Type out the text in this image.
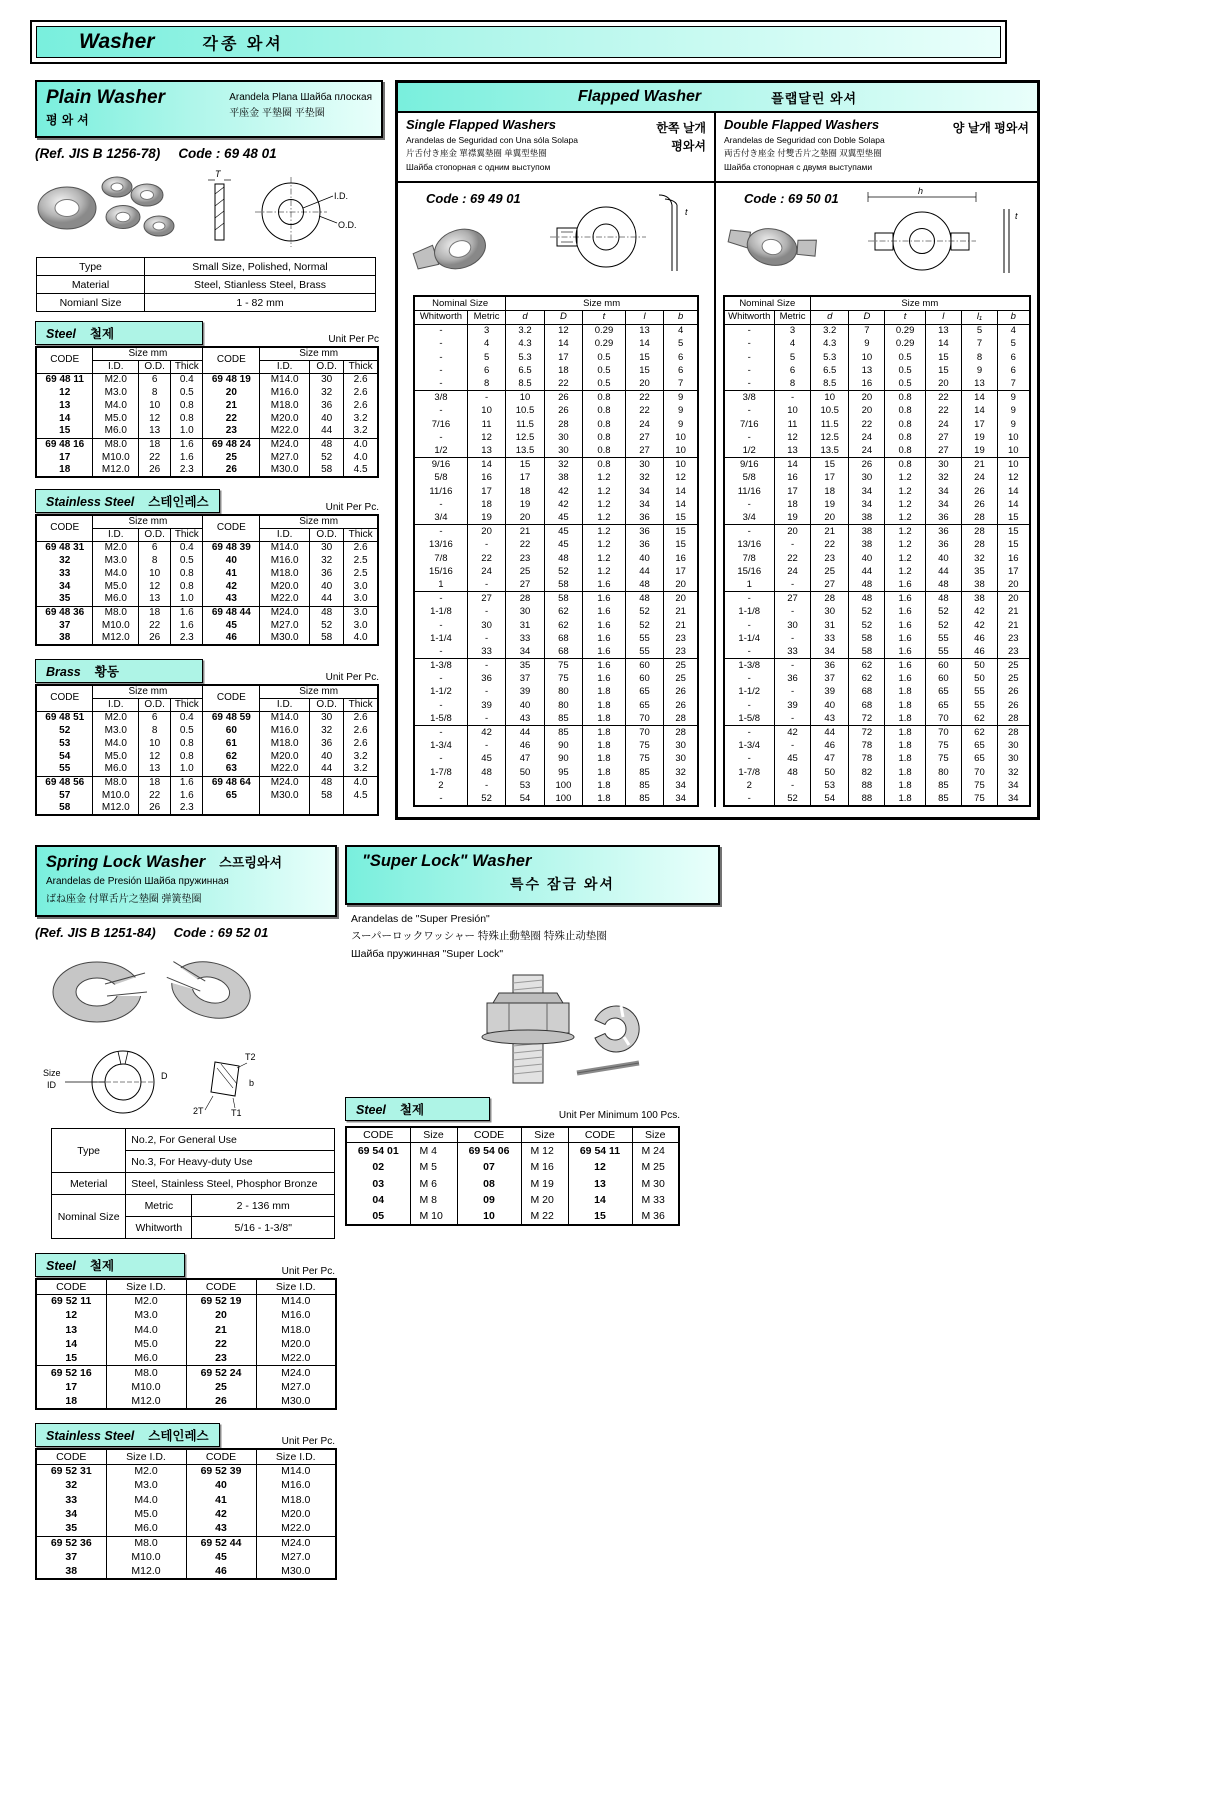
Washer	각종 와셔
Plain Washer
평와셔
Arandela Plana Шайба плоская
平座金 平墊圈 平垫圈
(Ref. JIS B 1256-78) Code : 69 48 01
T
I.D.
O.D.
Type	Small Size, Polished, Normal
Material	Steel, Stianless Steel, Brass
Nomianl Size	1 - 82 mm
Steel 철제	Unit Per Pc
CODE	Size mm			CODE	Size mm		
	I.D.	O.D.	Thick		I.D.	O.D.	Thick
69 48 11	M2.0	6	0.4	69 48 19	M14.0	30	2.6
12	M3.0	8	0.5	20	M16.0	32	2.6
13	M4.0	10	0.8	21	M18.0	36	2.6
14	M5.0	12	0.8	22	M20.0	40	3.2
15	M6.0	13	1.0	23	M22.0	44	3.2
69 48 16	M8.0	18	1.6	69 48 24	M24.0	48	4.0
17	M10.0	22	1.6	25	M27.0	52	4.0
18	M12.0	26	2.3	26	M30.0	58	4.5
Stainless Steel 스테인레스	Unit Per Pc.
CODE	Size mm			CODE	Size mm		
	I.D.	O.D.	Thick		I.D.	O.D.	Thick
69 48 31	M2.0	6	0.4	69 48 39	M14.0	30	2.6
32	M3.0	8	0.5	40	M16.0	32	2.5
33	M4.0	10	0.8	41	M18.0	36	2.5
34	M5.0	12	0.8	42	M20.0	40	3.0
35	M6.0	13	1.0	43	M22.0	44	3.0
69 48 36	M8.0	18	1.6	69 48 44	M24.0	48	3.0
37	M10.0	22	1.6	45	M27.0	52	3.0
38	M12.0	26	2.3	46	M30.0	58	4.0
Brass 황동	Unit Per Pc.
CODE	Size mm			CODE	Size mm		
	I.D.	O.D.	Thick		I.D.	O.D.	Thick
69 48 51	M2.0	6	0.4	69 48 59	M14.0	30	2.6
52	M3.0	8	0.5	60	M16.0	32	2.6
53	M4.0	10	0.8	61	M18.0	36	2.6
54	M5.0	12	0.8	62	M20.0	40	3.2
55	M6.0	13	1.0	63	M22.0	44	3.2
69 48 56	M8.0	18	1.6	69 48 64	M24.0	48	4.0
57	M10.0	22	1.6	65	M30.0	58	4.5
58	M12.0	26	2.3				
Flapped Washer	플랩달린 와셔
Single Flapped Washers
Arandelas de Seguridad con Una sóla Solapa
片舌付き座金 單襟翼墊圈 单翼型垫圈
Шайба стопорная с одним выступом
한쪽 날개
평와셔
Code : 69 49 01
t
Nominal Size		Size mm				
Whitworth	Metric	d	D	t	l	b
-	3	3.2	12	0.29	13	4
-	4	4.3	14	0.29	14	5
-	5	5.3	17	0.5	15	6
-	6	6.5	18	0.5	15	6
-	8	8.5	22	0.5	20	7
3/8	-	10	26	0.8	22	9
-	10	10.5	26	0.8	22	9
7/16	11	11.5	28	0.8	24	9
-	12	12.5	30	0.8	27	10
1/2	13	13.5	30	0.8	27	10
9/16	14	15	32	0.8	30	10
5/8	16	17	38	1.2	32	12
11/16	17	18	42	1.2	34	14
-	18	19	42	1.2	34	14
3/4	19	20	45	1.2	36	15
-	20	21	45	1.2	36	15
13/16	-	22	45	1.2	36	15
7/8	22	23	48	1.2	40	16
15/16	24	25	52	1.2	44	17
1	-	27	58	1.6	48	20
-	27	28	58	1.6	48	20
1-1/8	-	30	62	1.6	52	21
-	30	31	62	1.6	52	21
1-1/4	-	33	68	1.6	55	23
-	33	34	68	1.6	55	23
1-3/8	-	35	75	1.6	60	25
-	36	37	75	1.6	60	25
1-1/2	-	39	80	1.8	65	26
-	39	40	80	1.8	65	26
1-5/8	-	43	85	1.8	70	28
-	42	44	85	1.8	70	28
1-3/4	-	46	90	1.8	75	30
-	45	47	90	1.8	75	30
1-7/8	48	50	95	1.8	85	32
2	-	53	100	1.8	85	34
-	52	54	100	1.8	85	34
Double Flapped Washers
Arandelas de Seguridad con Doble Solapa
両舌付き座金 付雙舌片之墊圈 双翼型垫圈
Шайба стопорная с двумя выступами
양 날개 평와셔
Code : 69 50 01	h
t
Nominal Size		Size mm					
Whitworth	Metric	d	D	t	l	l₁	b
-	3	3.2	7	0.29	13	5	4
-	4	4.3	9	0.29	14	7	5
-	5	5.3	10	0.5	15	8	6
-	6	6.5	13	0.5	15	9	6
-	8	8.5	16	0.5	20	13	7
3/8	-	10	20	0.8	22	14	9
-	10	10.5	20	0.8	22	14	9
7/16	11	11.5	22	0.8	24	17	9
-	12	12.5	24	0.8	27	19	10
1/2	13	13.5	24	0.8	27	19	10
9/16	14	15	26	0.8	30	21	10
5/8	16	17	30	1.2	32	24	12
11/16	17	18	34	1.2	34	26	14
-	18	19	34	1.2	34	26	14
3/4	19	20	38	1.2	36	28	15
-	20	21	38	1.2	36	28	15
13/16	-	22	38	1.2	36	28	15
7/8	22	23	40	1.2	40	32	16
15/16	24	25	44	1.2	44	35	17
1	-	27	48	1.6	48	38	20
-	27	28	48	1.6	48	38	20
1-1/8	-	30	52	1.6	52	42	21
-	30	31	52	1.6	52	42	21
1-1/4	-	33	58	1.6	55	46	23
-	33	34	58	1.6	55	46	23
1-3/8	-	36	62	1.6	60	50	25
-	36	37	62	1.6	60	50	25
1-1/2	-	39	68	1.8	65	55	26
-	39	40	68	1.8	65	55	26
1-5/8	-	43	72	1.8	70	62	28
-	42	44	72	1.8	70	62	28
1-3/4	-	46	78	1.8	75	65	30
-	45	47	78	1.8	75	65	30
1-7/8	48	50	82	1.8	80	70	32
2	-	53	88	1.8	85	75	34
-	52	54	88	1.8	85	75	34
Spring Lock Washer 스프링와셔
Arandelas de Presión Шайба пружинная
ばね座金 付單舌片之墊圈 弹簧垫圈
(Ref. JIS B 1251-84) Code : 69 52 01
Size
ID
D
T2
b
2T	T1
Type	No.2, For General Use	
	No.3, For Heavy-duty Use	
Meterial	Steel, Stainless Steel, Phosphor Bronze	
Nominal Size	Metric	2 - 136 mm
	Whitworth	5/16 - 1-3/8"
Steel 철제	Unit Per Pc.
CODE	Size I.D.	CODE	Size I.D.
69 52 11	M2.0	69 52 19	M14.0
12	M3.0	20	M16.0
13	M4.0	21	M18.0
14	M5.0	22	M20.0
15	M6.0	23	M22.0
69 52 16	M8.0	69 52 24	M24.0
17	M10.0	25	M27.0
18	M12.0	26	M30.0
Stainless Steel 스테인레스	Unit Per Pc.
CODE	Size I.D.	CODE	Size I.D.
69 52 31	M2.0	69 52 39	M14.0
32	M3.0	40	M16.0
33	M4.0	41	M18.0
34	M5.0	42	M20.0
35	M6.0	43	M22.0
69 52 36	M8.0	69 52 44	M24.0
37	M10.0	45	M27.0
38	M12.0	46	M30.0
"Super Lock" Washer
특수 잠금 와셔
Arandelas de "Super Presión"
スーパーロックワッシャー 特殊止動墊圈 特殊止动垫圈
Шайба пружинная "Super Lock"
Steel 철제	Unit Per Minimum 100 Pcs.
CODE	Size	CODE	Size	CODE	Size
69 54 01	M 4	69 54 06	M 12	69 54 11	M 24
02	M 5	07	M 16	12	M 25
03	M 6	08	M 19	13	M 30
04	M 8	09	M 20	14	M 33
05	M 10	10	M 22	15	M 36
